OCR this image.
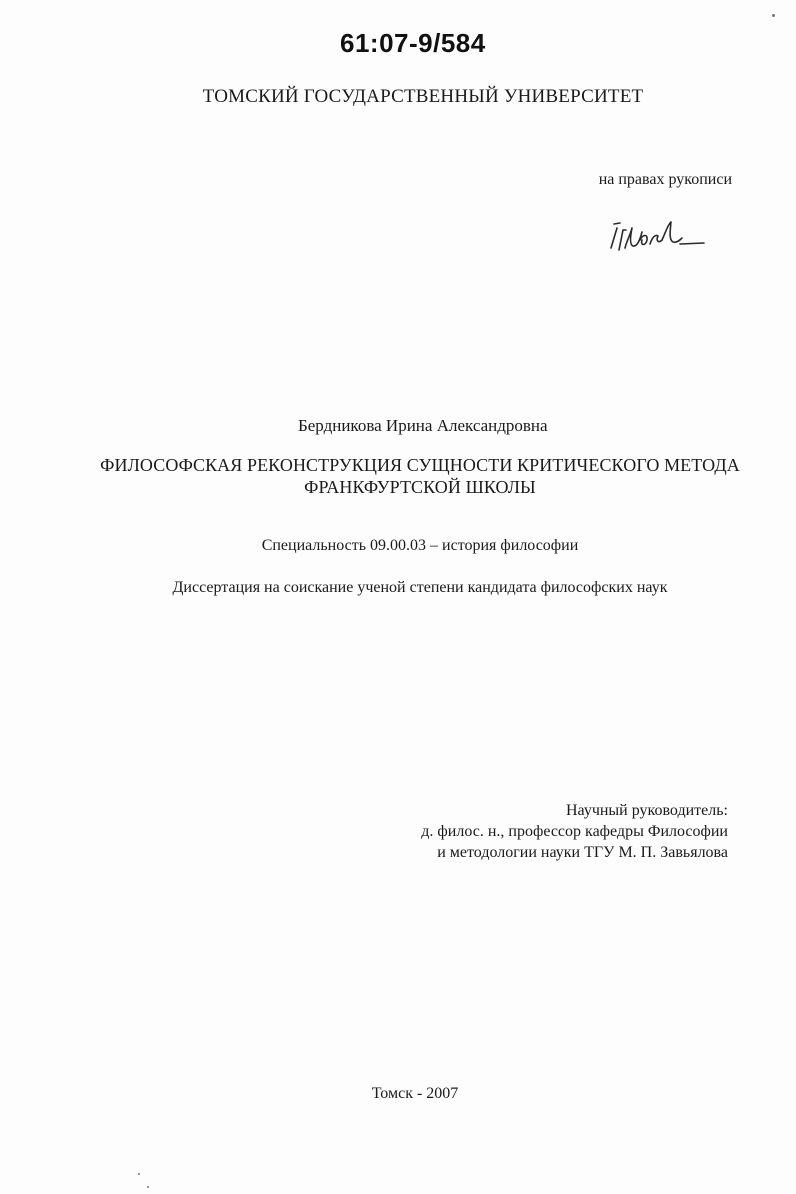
61:07-9/584
ТОМСКИЙ ГОСУДАРСТВЕННЫЙ УНИВЕРСИТЕТ
на правах рукописи
Бердникова Ирина Александровна
ФИЛОСОФСКАЯ РЕКОНСТРУКЦИЯ СУЩНОСТИ КРИТИЧЕСКОГО МЕТОДА
ФРАНКФУРТСКОЙ ШКОЛЫ
Специальность 09.00.03 – история философии
Диссертация на соискание ученой степени кандидата философских наук
Научный руководитель:
д. филос. н., профессор кафедры Философии
и методологии науки ТГУ М. П. Завьялова
Томск - 2007
